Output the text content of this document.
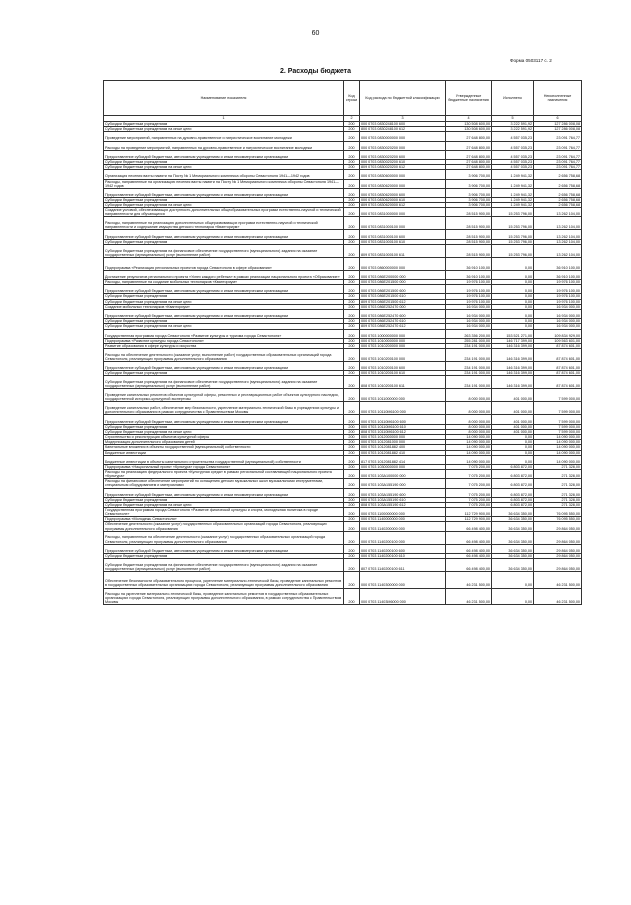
60
Форма 0503117 с. 2
2. Расходы бюджета
Наименование показателя	Код строки	Код расхода по бюджетной классификации	Утвержденные бюджетные назначения	Исполнено	Неисполненные назначения
1	2	3	4	5	6
Субсидии бюджетным учреждениям	200	000 0703 0830248100 600	130 508 600,00	3 222 591,92	127 286 008,08
Субсидии бюджетным учреждениям на иные цели	200	800 0703 0830248100 612	130 508 600,00	3 222 591,92	127 286 008,08
Проведение мероприятий, направленных на духовно-нравственное и патриотическое воспитание молодежи	200	000 0703 0830000000 000	27 648 800,00	4 557 035,23	23 091 764,77
Расходы на проведение мероприятий, направленных на духовно-нравственное и патриотическое воспитание молодежи	200	000 0703 0830020200 000	27 648 800,00	4 557 035,23	23 091 764,77
Предоставление субсидий бюджетным, автономным учреждениям и иным некоммерческим организациям	200	000 0703 0830020200 600	27 648 800,00	4 557 035,23	23 091 764,77
Субсидии бюджетным учреждениям	200	000 0703 0830020200 610	27 648 800,00	4 557 035,23	23 091 764,77
Субсидии бюджетным учреждениям на иные цели	200	809 0703 0830020200 612	27 648 800,00	4 557 035,23	23 091 764,77
Организация несения вахты памяти на Посту № 1 Мемориального комплекса обороны Севастополя 1941—1942 годов	200	000 0703 0830600000 000	3 906 700,00	1 249 941,32	2 656 758,68
Расходы, направленные на организацию несения вахты памяти на Посту № 1 Мемориального комплекса обороны Севастополя 1941—1942 годов	200	000 0703 0830620000 000	3 906 700,00	1 249 941,32	2 656 758,68
Предоставление субсидий бюджетным, автономным учреждениям и иным некоммерческим организациям	200	000 0703 0830620000 600	3 906 700,00	1 249 941,32	2 656 758,68
Субсидии бюджетным учреждениям	200	000 0703 0830620000 610	3 906 700,00	1 249 941,32	2 656 758,68
Субсидии бюджетным учреждениям на иные цели	200	809 0703 0830620000 612	3 906 700,00	1 249 941,32	2 656 758,68
Создание условий, обеспечивающих доступность дополнительных общеобразовательных программ естественно-научной и технической направленности для обучающихся	200	000 0703 0831000000 000	28 515 900,00	15 253 796,00	13 262 104,00
Расходы, направленные на реализацию дополнительных общеразвивающих программ естественно-научной и технической направленности и содержание имущества детского технопарка «Кванториум»	200	000 0703 0831000100 000	28 515 900,00	15 253 796,00	13 262 104,00
Предоставление субсидий бюджетным, автономным учреждениям и иным некоммерческим организациям	200	000 0703 0831000100 600	28 515 900,00	15 253 796,00	13 262 104,00
Субсидии бюджетным учреждениям	200	000 0703 0831000100 610	28 515 900,00	15 253 796,00	13 262 104,00
Субсидии бюджетным учреждениям на финансовое обеспечение государственного (муниципального) задания на оказание государственных (муниципальных) услуг (выполнение работ)	200	809 0703 0831000100 611	28 515 900,00	15 253 796,00	13 262 104,00
Подпрограмма «Реализация региональных проектов города Севастополя в сфере образования»	200	000 0703 0860000000 000	36 910 100,00	0,00	36 910 100,00
Достижение результатов регионального проекта «Успех каждого ребенка» в рамках реализации национального проекта «Образование»	200	000 0703 086E200000 000	36 910 100,00	0,00	36 910 100,00
Расходы, направленные на создание мобильных технопарков «Кванториум»	200	000 0703 086E201500 000	19 976 100,00	0,00	19 976 100,00
Предоставление субсидий бюджетным, автономным учреждениям и иным некоммерческим организациям	200	000 0703 086E201500 600	19 976 100,00	0,00	19 976 100,00
Субсидии бюджетным учреждениям	200	000 0703 086E201500 610	19 976 100,00	0,00	19 976 100,00
Субсидии бюджетным учреждениям на иные цели	200	809 0703 086E201500 612	19 976 100,00	0,00	19 976 100,00
Создание мобильных технопарков «Кванториум»	200	000 0703 086E252470 000	16 934 000,00	0,00	16 934 000,00
Предоставление субсидий бюджетным, автономным учреждениям и иным некоммерческим организациям	200	000 0703 086E252470 600	16 934 000,00	0,00	16 934 000,00
Субсидии бюджетным учреждениям	200	000 0703 086E252470 610	16 934 000,00	0,00	16 934 000,00
Субсидии бюджетным учреждениям на иные цели	200	809 0703 086E252470 612	16 934 000,00	0,00	16 934 000,00
Государственная программа города Севастополя «Развитие культуры и туризма города Севастополя»	200	000 0703 1000000000 000	263 356 200,00	153 521 271,00	109 834 929,00
Подпрограмма «Развитие культуры города Севастополя»	200	000 0703 1010000000 000	255 281 000,00	146 717 399,00	109 563 601,00
Развитие образования в сфере культуры и искусства	200	000 0703 1010200000 000	234 191 000,00	146 316 399,00	87 874 601,00
Расходы на обеспечение деятельности (оказание услуг, выполнение работ) государственных образовательных организаций города Севастополя, реализующих программы дополнительного образования	200	000 0703 1010200100 000	234 191 000,00	146 316 399,00	87 874 601,00
Предоставление субсидий бюджетным, автономным учреждениям и иным некоммерческим организациям	200	000 0703 1010200100 600	234 191 000,00	146 316 399,00	87 874 601,00
Субсидии бюджетным учреждениям	200	000 0703 1010200100 610	234 191 000,00	146 316 399,00	87 874 601,00
Субсидии бюджетным учреждениям на финансовое обеспечение государственного (муниципального) задания на оказание государственных (муниципальных) услуг (выполнение работ)	200	808 0703 1010200100 611	234 191 000,00	146 316 399,00	87 874 601,00
Проведение капитальных ремонтов объектов культурной сферы, ремонтных и реставрационных работ объектов культурного наследия, государственной историко-культурной экспертизы	200	000 0703 1011000000 000	8 000 000,00	401 000,00	7 599 000,00
Проведение капитальных работ, обеспечение мер безопасности, укрепление материально-технической базы в учреждениях культуры и дополнительного образования в рамках сотрудничества с Правительством Москвы	200	000 0703 10110М6100 000	8 000 000,00	401 000,00	7 599 000,00
Предоставление субсидий бюджетным, автономным учреждениям и иным некоммерческим организациям	200	000 0703 10110М6100 600	8 000 000,00	401 000,00	7 599 000,00
Субсидии бюджетным учреждениям	200	000 0703 10110М6100 610	8 000 000,00	401 000,00	7 599 000,00
Субсидии бюджетным учреждениям на иные цели	200	808 0703 10110М6100 612	8 000 000,00	401 000,00	7 599 000,00
Строительство и реконструкция объектов культурной сферы	200	000 0703 1012000000 000	14 090 000,00	0,00	14 090 000,00
Модернизация дополнительного образования детей	200	000 0703 1012081000 000	14 090 000,00	0,00	14 090 000,00
Капитальные вложения в объекты государственной (муниципальной) собственности	200	000 0703 1012081882 400	14 090 000,00	0,00	14 090 000,00
Бюджетные инвестиции	200	000 0703 1012081882 410	14 090 000,00	0,00	14 090 000,00
Бюджетные инвестиции в объекты капитального строительства государственной (муниципальной) собственности	200	817 0703 1012081882 414	14 090 000,00	0,00	14 090 000,00
Подпрограмма «Национальный проект «Культура» города Севастополя»	200	000 0703 1030000000 000	7 075 200,00	6 803 872,00	271 328,00
Расходы на реализацию федерального проекта «Культурная среда» в рамках региональной составляющей национального проекта «Культура»	200	000 0703 103A100000 000	7 075 200,00	6 803 872,00	271 328,00
Расходы на финансовое обеспечение мероприятий по оснащению детских музыкальных школ музыкальными инструментами, специальным оборудованием и материалами	200	000 0703 103A155190 000	7 075 200,00	6 803 872,00	271 328,00
Предоставление субсидий бюджетным, автономным учреждениям и иным некоммерческим организациям	200	000 0703 103A155190 600	7 075 200,00	6 803 872,00	271 328,00
Субсидии бюджетным учреждениям	200	000 0703 103A155190 610	7 075 200,00	6 803 872,00	271 328,00
Субсидии бюджетным учреждениям на иные цели	200	808 0703 103A155190 612	7 075 200,00	6 803 872,00	271 328,00
Государственная программа города Севастополя «Развитие физической культуры и спорта, молодежная политика в городе Севастополе»	200	000 0703 1100000000 000	112 729 900,00	36 634 350,00	76 095 550,00
Подпрограмма «Молодежь Севастополя»	200	000 0703 1140000000 000	112 729 900,00	36 634 350,00	76 095 550,00
Обеспечение деятельности (оказание услуг) государственных образовательных организаций города Севастополя, реализующих программы дополнительного образования	200	000 0703 1140200000 000	66 498 400,00	36 634 350,00	29 864 050,00
Расходы, направленные на обеспечение деятельности (оказание услуг) государственных образовательных организаций города Севастополя, реализующих программы дополнительного образования	200	000 0703 1140200100 000	66 498 400,00	36 634 350,00	29 864 050,00
Предоставление субсидий бюджетным, автономным учреждениям и иным некоммерческим организациям	200	000 0703 1140200100 600	66 498 400,00	36 634 350,00	29 864 050,00
Субсидии бюджетным учреждениям	200	000 0703 1140200100 610	66 498 400,00	36 634 350,00	29 864 050,00
Субсидии бюджетным учреждениям на финансовое обеспечение государственного (муниципального) задания на оказание государственных (муниципальных) услуг (выполнение работ)	200	807 0703 1140200100 611	66 498 400,00	36 634 350,00	29 864 050,00
Обеспечение безопасности образовательного процесса, укрепление материально-технической базы, проведение капитальных ремонтов в государственных образовательных организациях города Севастополя, реализующих программы дополнительного образования	200	000 0703 1140300000 000	46 231 500,00	0,00	46 231 500,00
Расходы на укрепление материально-технической базы, проведение капитальных ремонтов в государственных образовательных организациях города Севастополя, реализующих программы дополнительного образования, в рамках сотрудничества с Правительством Москвы	200	000 0703 11403М6000 000	46 231 500,00	0,00	46 231 500,00
